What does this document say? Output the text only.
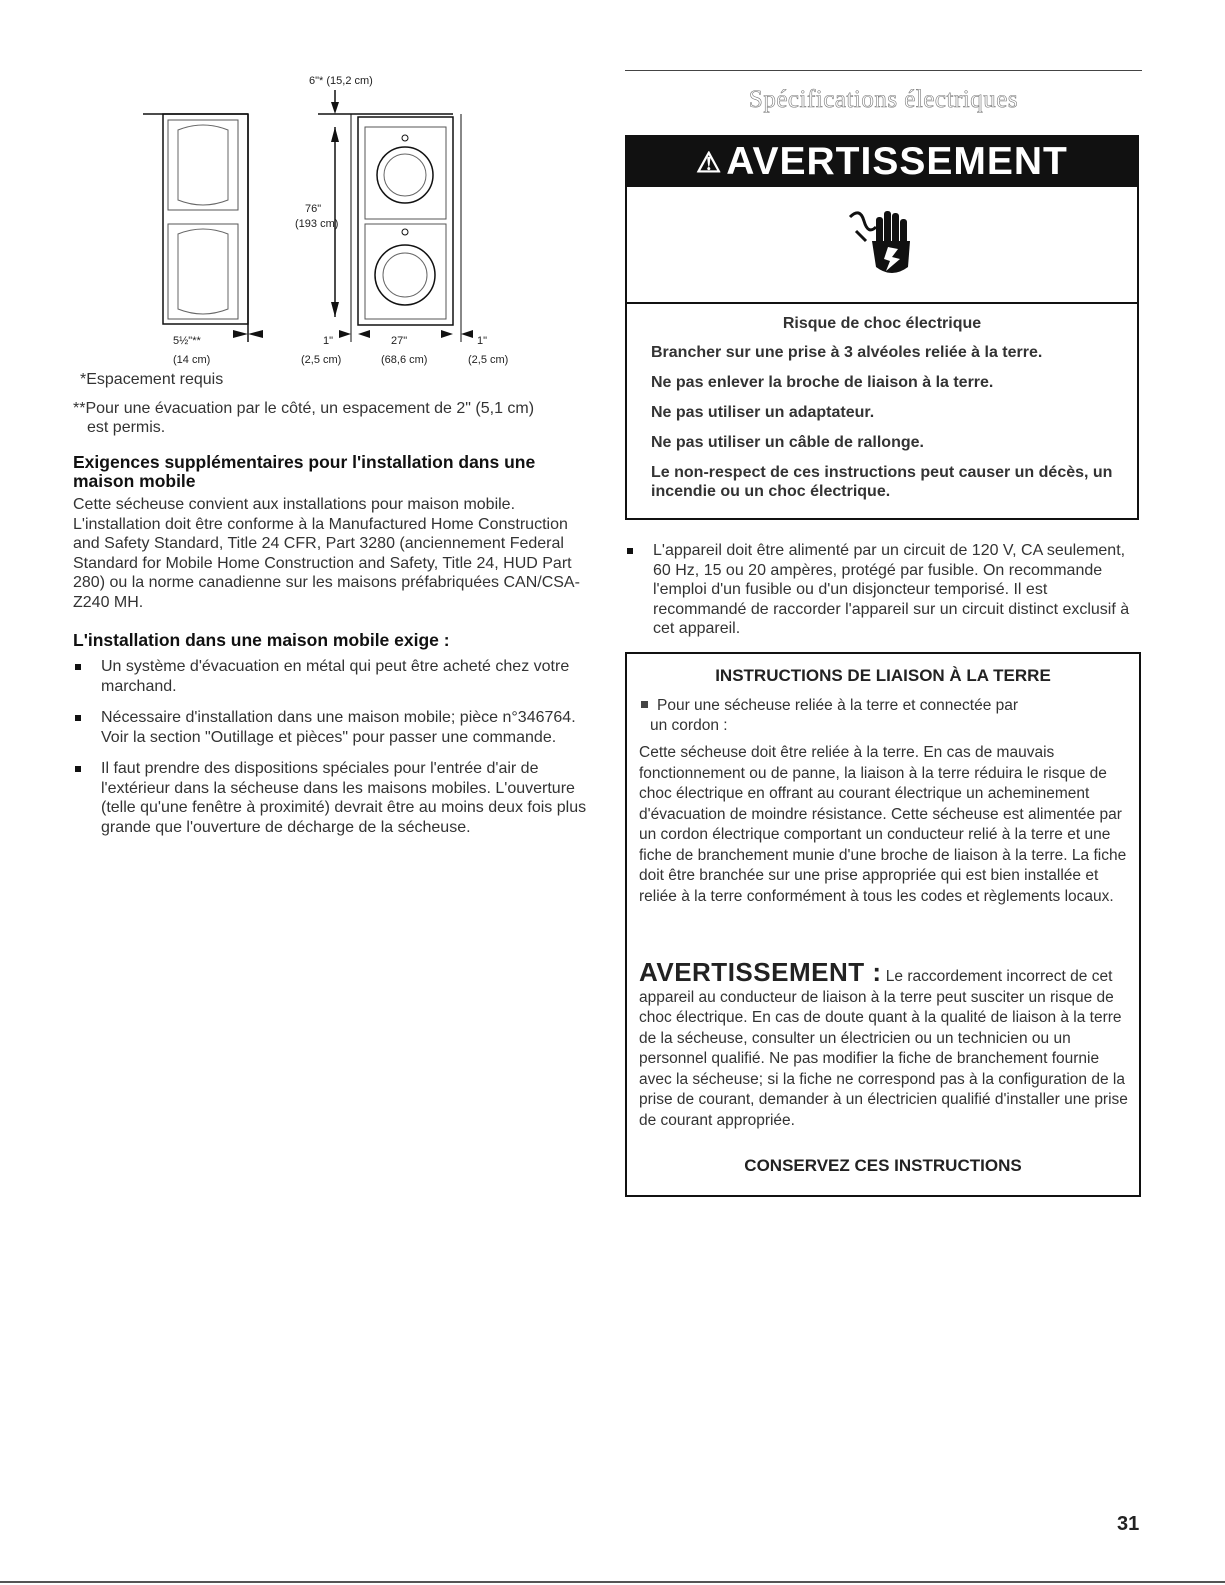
6"* (15,2 cm)
76"
(193 cm)
5½"**
(14 cm)
1"
(2,5 cm)
27"
(68,6 cm)
1"
(2,5 cm)
*Espacement requis
**Pour une évacuation par le côté, un espacement de 2" (5,1 cm)
est permis.
Exigences supplémentaires pour l'installation dans une maison mobile
Cette sécheuse convient aux installations pour maison mobile. L'installation doit être conforme à la Manufactured Home Construction and Safety Standard, Title 24 CFR, Part 3280 (anciennement Federal Standard for Mobile Home Construction and Safety, Title 24, HUD Part 280) ou la norme canadienne sur les maisons préfabriquées CAN/CSA-Z240 MH.
L'installation dans une maison mobile exige :
Un système d'évacuation en métal qui peut être acheté chez votre marchand.
Nécessaire d'installation dans une maison mobile; pièce n°346764. Voir la section "Outillage et pièces" pour passer une commande.
Il faut prendre des dispositions spéciales pour l'entrée d'air de l'extérieur dans la sécheuse dans les maisons mobiles. L'ouverture (telle qu'une fenêtre à proximité) devrait être au moins deux fois plus grande que l'ouverture de décharge de la sécheuse.
Spécifications électriques
⚠ AVERTISSEMENT
Risque de choc électrique
Brancher sur une prise à 3 alvéoles reliée à la terre.
Ne pas enlever la broche de liaison à la terre.
Ne pas utiliser un adaptateur.
Ne pas utiliser un câble de rallonge.
Le non-respect de ces instructions peut causer un décès, un incendie ou un choc électrique.
L'appareil doit être alimenté par un circuit de 120 V, CA seulement, 60 Hz, 15 ou 20 ampères, protégé par fusible. On recommande l'emploi d'un fusible ou d'un disjoncteur temporisé. Il est recommandé de raccorder l'appareil sur un circuit distinct exclusif à cet appareil.
INSTRUCTIONS DE LIAISON À LA TERRE
Pour une sécheuse reliée à la terre et connectée par
un cordon :
Cette sécheuse doit être reliée à la terre. En cas de mauvais fonctionnement ou de panne, la liaison à la terre réduira le risque de choc électrique en offrant au courant électrique un acheminement d'évacuation de moindre résistance. Cette sécheuse est alimentée par un cordon électrique comportant un conducteur relié à la terre et une fiche de branchement munie d'une broche de liaison à la terre. La fiche doit être branchée sur une prise appropriée qui est bien installée et reliée à la terre conformément à tous les codes et règlements locaux.
AVERTISSEMENT : Le raccordement incorrect de cet appareil au conducteur de liaison à la terre peut susciter un risque de choc électrique. En cas de doute quant à la qualité de liaison à la terre de la sécheuse, consulter un électricien ou un technicien ou un personnel qualifié. Ne pas modifier la fiche de branchement fournie avec la sécheuse; si la fiche ne correspond pas à la configuration de la prise de courant, demander à un électricien qualifié d'installer une prise de courant appropriée.
CONSERVEZ CES INSTRUCTIONS
31
